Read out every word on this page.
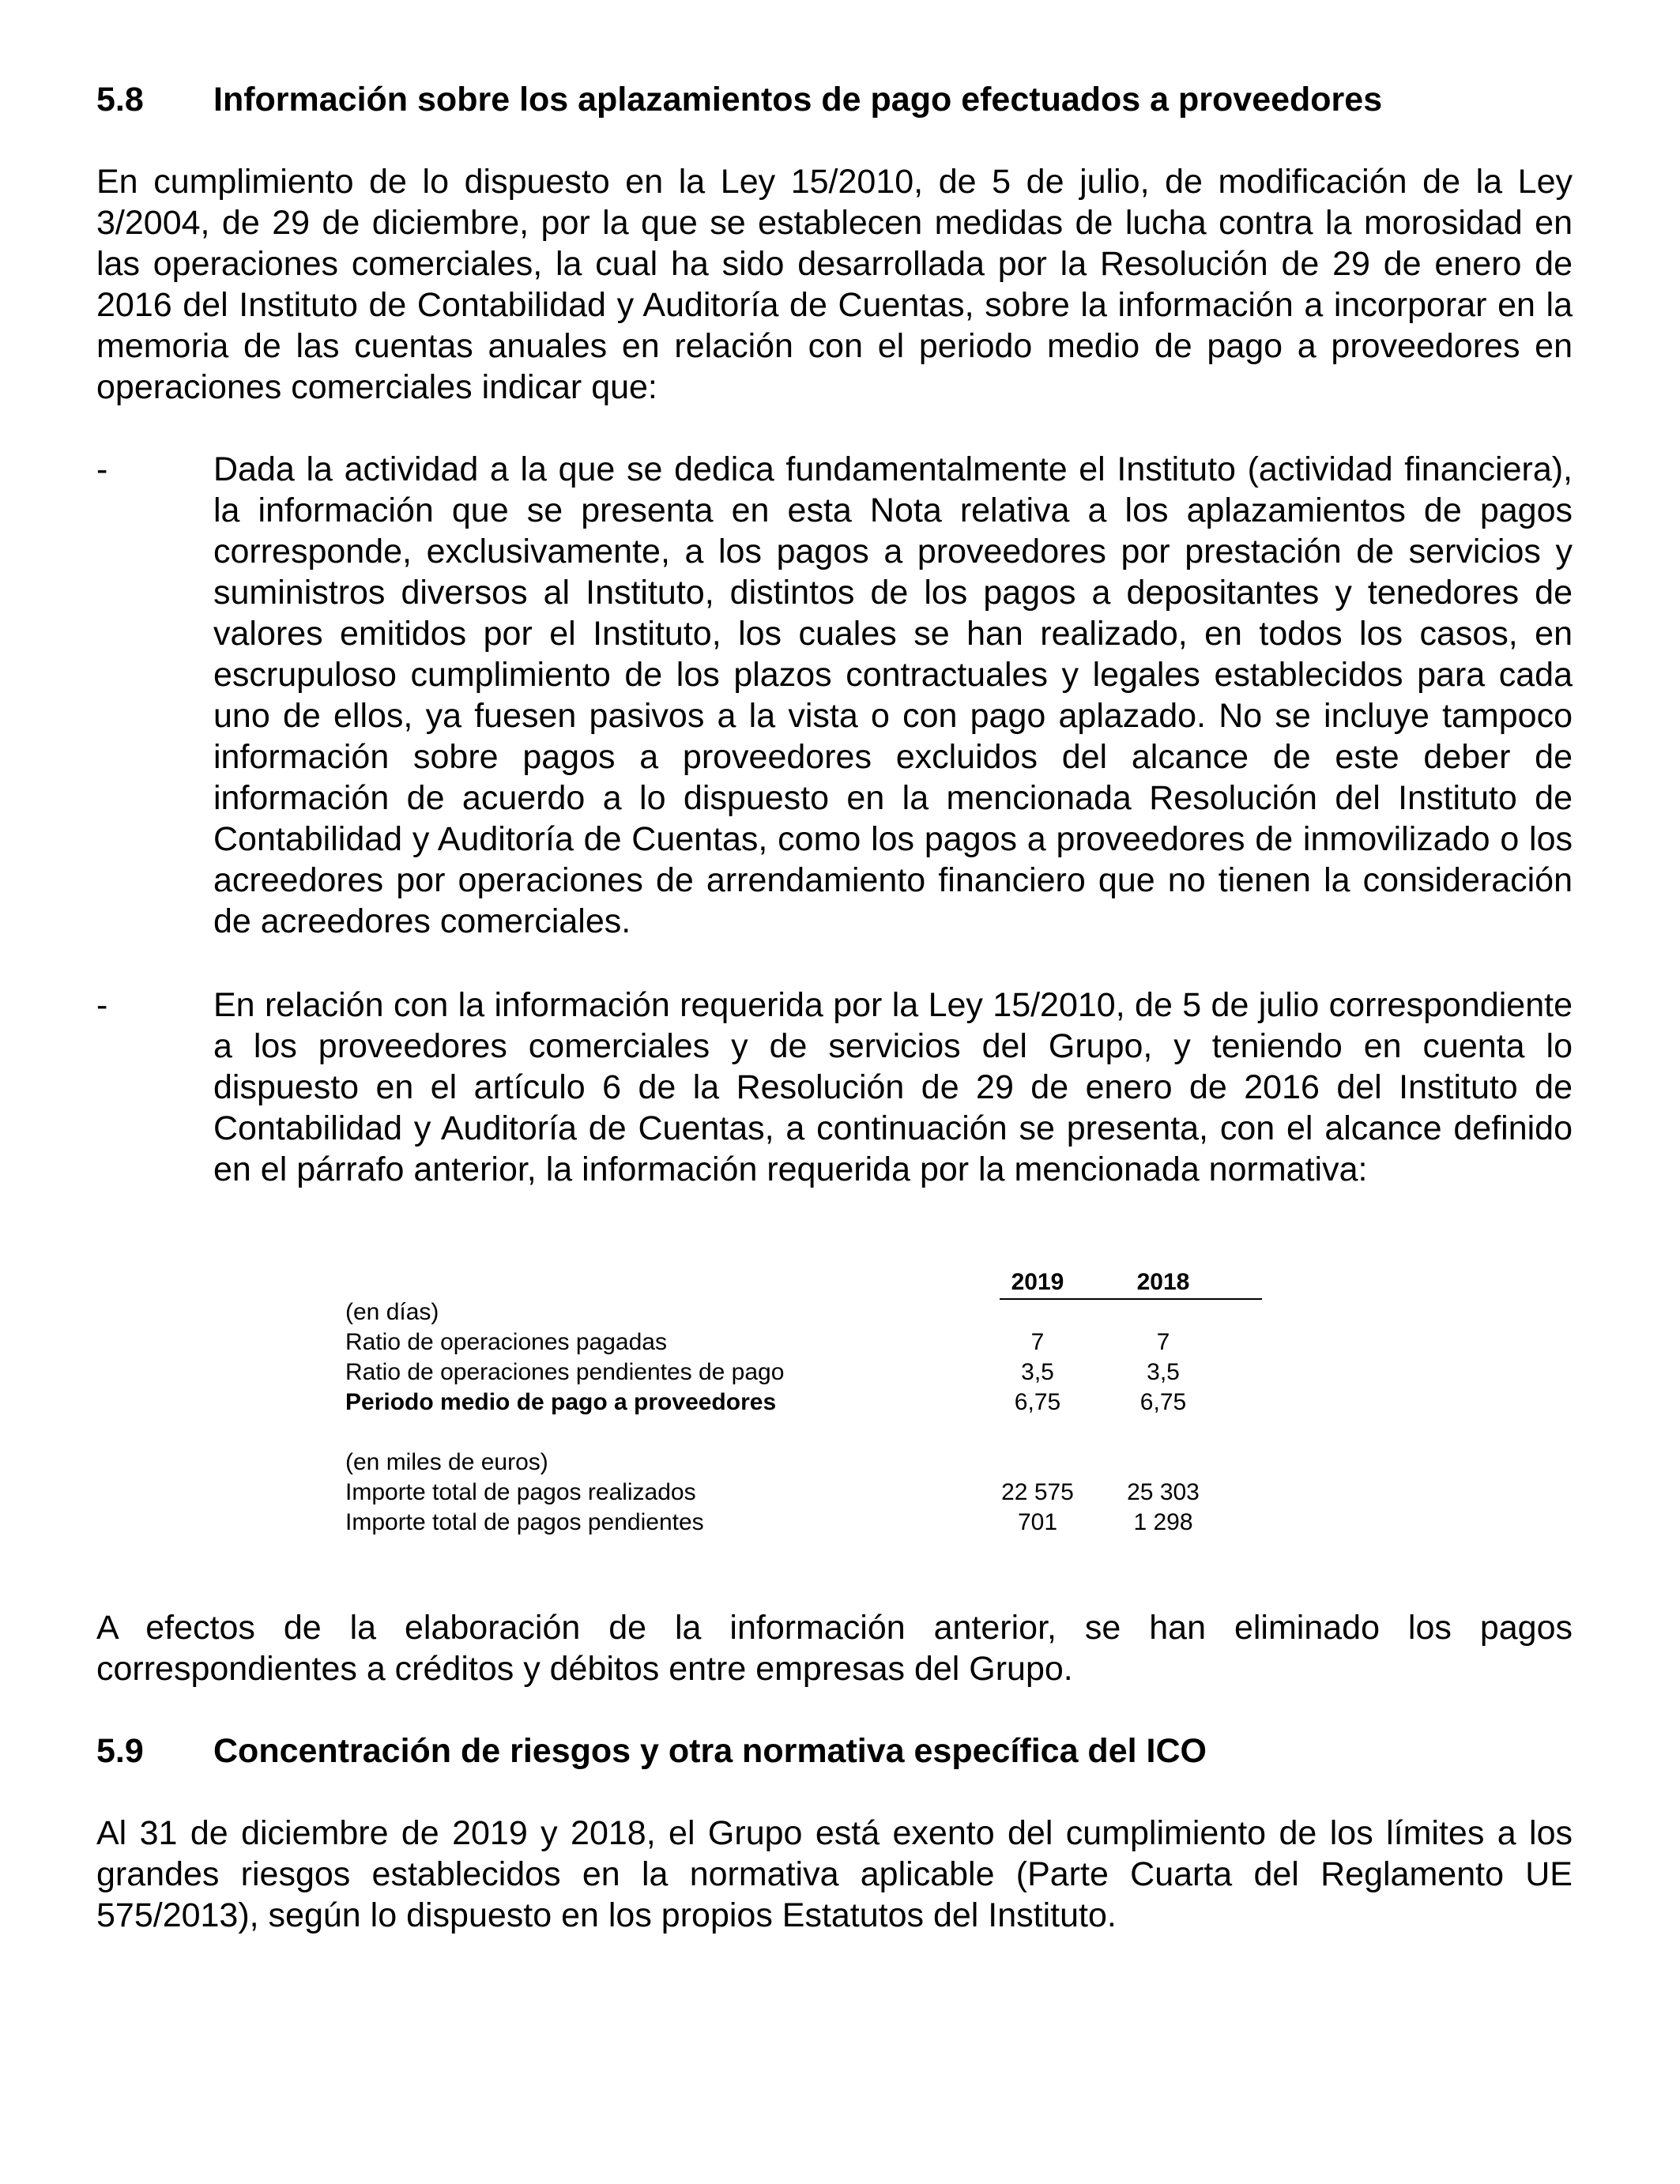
5.8 Información sobre los aplazamientos de pago efectuados a proveedores
En cumplimiento de lo dispuesto en la Ley 15/2010, de 5 de julio, de modificación de la Ley 3/2004, de 29 de diciembre, por la que se establecen medidas de lucha contra la morosidad en las operaciones comerciales, la cual ha sido desarrollada por la Resolución de 29 de enero de 2016 del Instituto de Contabilidad y Auditoría de Cuentas, sobre la información a incorporar en la memoria de las cuentas anuales en relación con el periodo medio de pago a proveedores en operaciones comerciales indicar que:
-	Dada la actividad a la que se dedica fundamentalmente el Instituto (actividad financiera), la información que se presenta en esta Nota relativa a los aplazamientos de pagos corresponde, exclusivamente, a los pagos a proveedores por prestación de servicios y suministros diversos al Instituto, distintos de los pagos a depositantes y tenedores de valores emitidos por el Instituto, los cuales se han realizado, en todos los casos, en escrupuloso cumplimiento de los plazos contractuales y legales establecidos para cada uno de ellos, ya fuesen pasivos a la vista o con pago aplazado. No se incluye tampoco información sobre pagos a proveedores excluidos del alcance de este deber de información de acuerdo a lo dispuesto en la mencionada Resolución del Instituto de Contabilidad y Auditoría de Cuentas, como los pagos a proveedores de inmovilizado o los acreedores por operaciones de arrendamiento financiero que no tienen la consideración de acreedores comerciales.
-	En relación con la información requerida por la Ley 15/2010, de 5 de julio correspondiente a los proveedores comerciales y de servicios del Grupo, y teniendo en cuenta lo dispuesto en el artículo 6 de la Resolución de 29 de enero de 2016 del Instituto de Contabilidad y Auditoría de Cuentas, a continuación se presenta, con el alcance definido en el párrafo anterior, la información requerida por la mencionada normativa:
2019	2018
(en días)
Ratio de operaciones pagadas	7	7
Ratio de operaciones pendientes de pago	3,5	3,5
Periodo medio de pago a proveedores	6,75	6,75
(en miles de euros)
Importe total de pagos realizados	22 575	25 303
Importe total de pagos pendientes	701	1 298
A efectos de la elaboración de la información anterior, se han eliminado los pagos correspondientes a créditos y débitos entre empresas del Grupo.
5.9 Concentración de riesgos y otra normativa específica del ICO
Al 31 de diciembre de 2019 y 2018, el Grupo está exento del cumplimiento de los límites a los grandes riesgos establecidos en la normativa aplicable (Parte Cuarta del Reglamento UE 575/2013), según lo dispuesto en los propios Estatutos del Instituto.
